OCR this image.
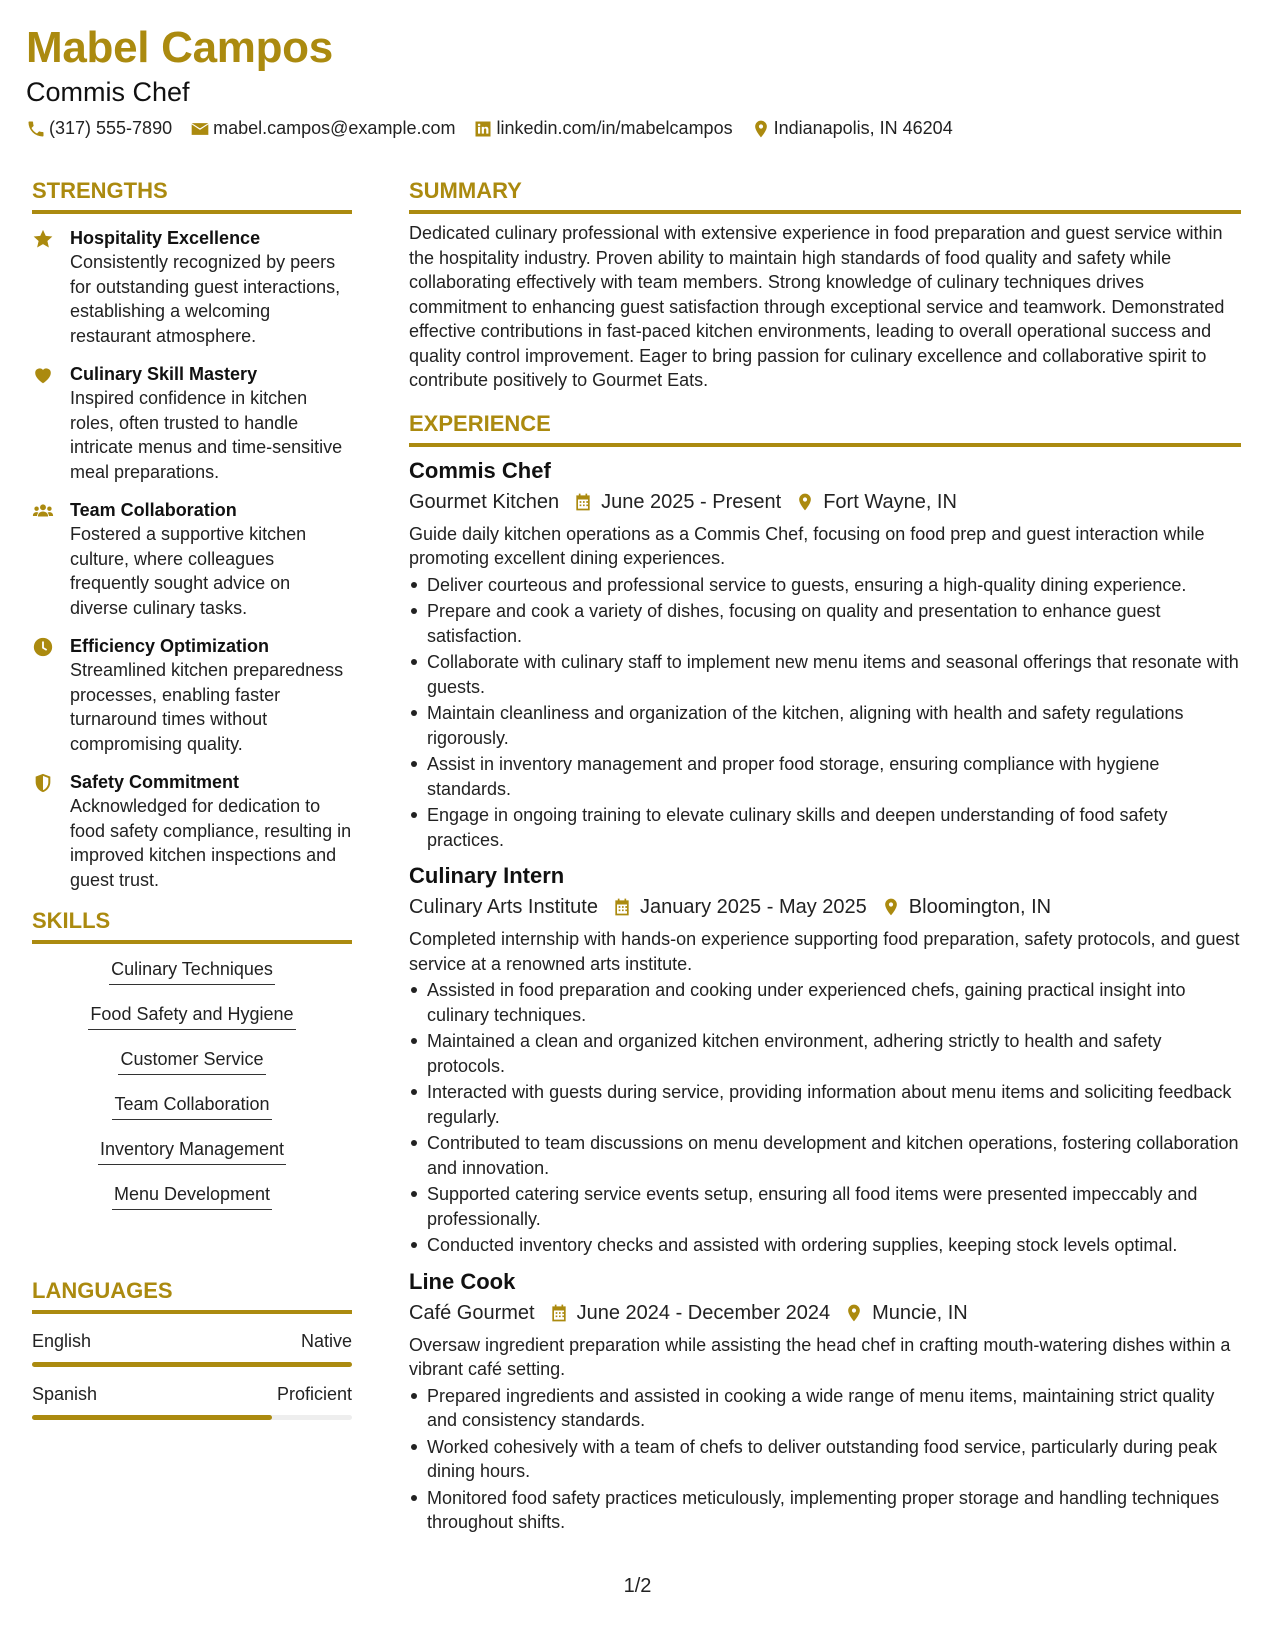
Mabel Campos
Commis Chef
(317) 555-7890 mabel.campos@example.com linkedin.com/in/mabelcampos Indianapolis, IN 46204
STRENGTHS
Hospitality Excellence
Consistently recognized by peers for outstanding guest interactions, establishing a welcoming restaurant atmosphere.
Culinary Skill Mastery
Inspired confidence in kitchen roles, often trusted to handle intricate menus and time-sensitive meal preparations.
Team Collaboration
Fostered a supportive kitchen culture, where colleagues frequently sought advice on diverse culinary tasks.
Efficiency Optimization
Streamlined kitchen preparedness processes, enabling faster turnaround times without compromising quality.
Safety Commitment
Acknowledged for dedication to food safety compliance, resulting in improved kitchen inspections and guest trust.
SKILLS
Culinary Techniques
Food Safety and Hygiene
Customer Service
Team Collaboration
Inventory Management
Menu Development
LANGUAGES
English	Native
Spanish	Proficient
SUMMARY
Dedicated culinary professional with extensive experience in food preparation and guest service within the hospitality industry. Proven ability to maintain high standards of food quality and safety while collaborating effectively with team members. Strong knowledge of culinary techniques drives commitment to enhancing guest satisfaction through exceptional service and teamwork. Demonstrated effective contributions in fast-paced kitchen environments, leading to overall operational success and quality control improvement. Eager to bring passion for culinary excellence and collaborative spirit to contribute positively to Gourmet Eats.
EXPERIENCE
Commis Chef
Gourmet Kitchen June 2025 - Present Fort Wayne, IN
Guide daily kitchen operations as a Commis Chef, focusing on food prep and guest interaction while promoting excellent dining experiences.
Deliver courteous and professional service to guests, ensuring a high-quality dining experience.
Prepare and cook a variety of dishes, focusing on quality and presentation to enhance guest satisfaction.
Collaborate with culinary staff to implement new menu items and seasonal offerings that resonate with guests.
Maintain cleanliness and organization of the kitchen, aligning with health and safety regulations rigorously.
Assist in inventory management and proper food storage, ensuring compliance with hygiene standards.
Engage in ongoing training to elevate culinary skills and deepen understanding of food safety practices.
Culinary Intern
Culinary Arts Institute January 2025 - May 2025 Bloomington, IN
Completed internship with hands-on experience supporting food preparation, safety protocols, and guest service at a renowned arts institute.
Assisted in food preparation and cooking under experienced chefs, gaining practical insight into culinary techniques.
Maintained a clean and organized kitchen environment, adhering strictly to health and safety protocols.
Interacted with guests during service, providing information about menu items and soliciting feedback regularly.
Contributed to team discussions on menu development and kitchen operations, fostering collaboration and innovation.
Supported catering service events setup, ensuring all food items were presented impeccably and professionally.
Conducted inventory checks and assisted with ordering supplies, keeping stock levels optimal.
Line Cook
Café Gourmet June 2024 - December 2024 Muncie, IN
Oversaw ingredient preparation while assisting the head chef in crafting mouth-watering dishes within a vibrant café setting.
Prepared ingredients and assisted in cooking a wide range of menu items, maintaining strict quality and consistency standards.
Worked cohesively with a team of chefs to deliver outstanding food service, particularly during peak dining hours.
Monitored food safety practices meticulously, implementing proper storage and handling techniques throughout shifts.
1/2
